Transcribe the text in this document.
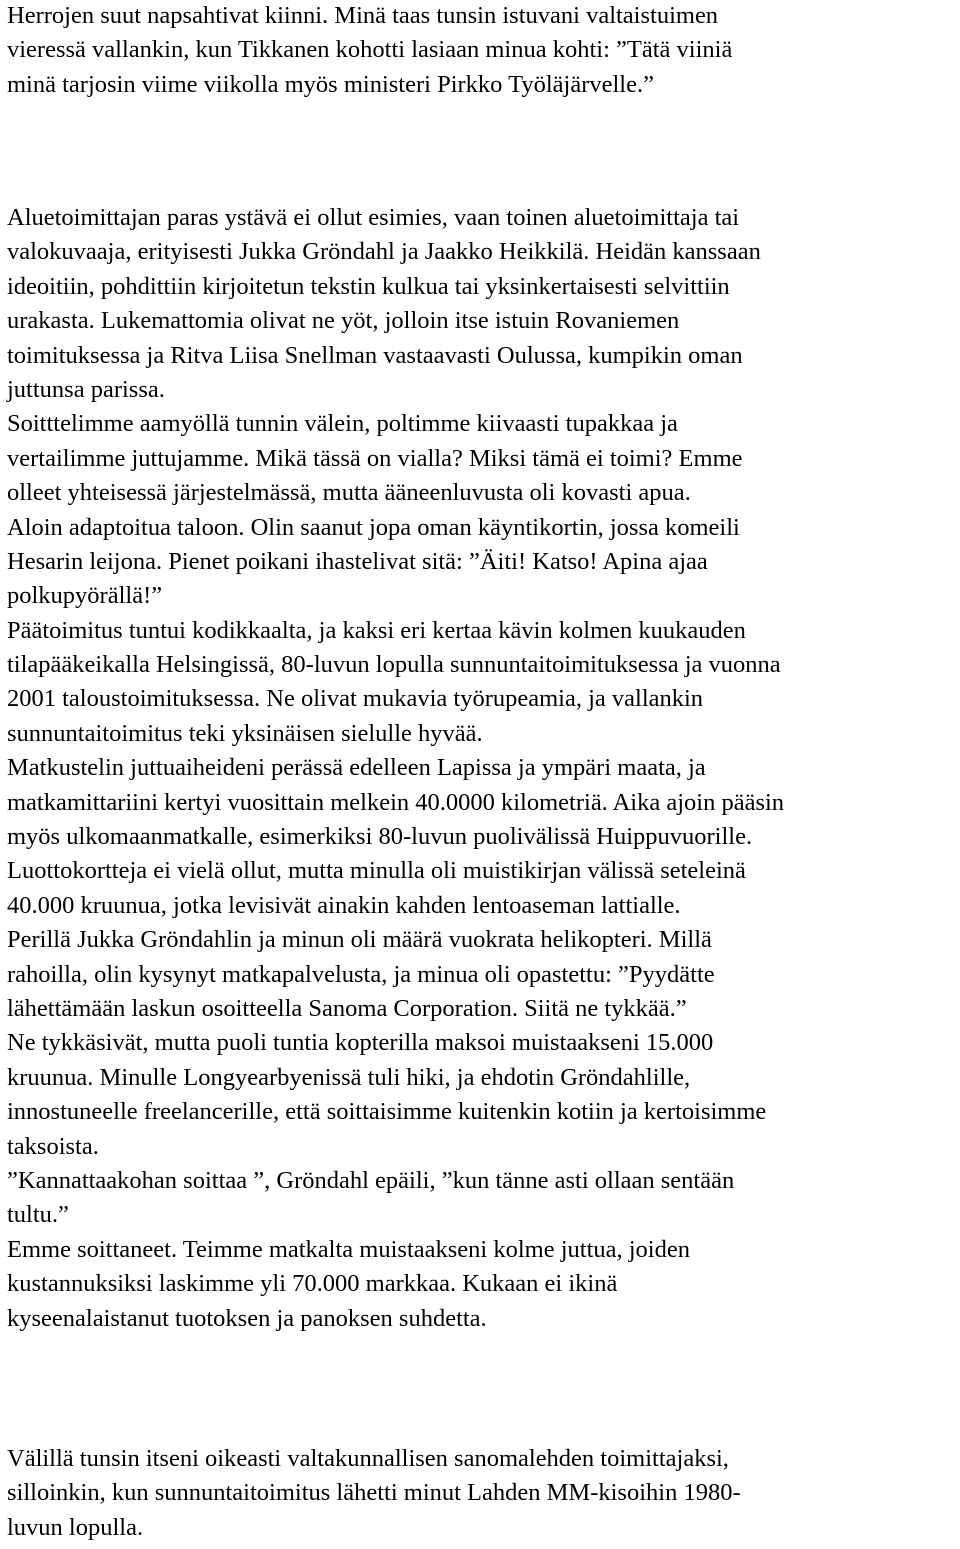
Herrojen suut napsahtivat kiinni. Minä taas tunsin istuvani valtaistuimen
vieressä vallankin, kun Tikkanen kohotti lasiaan minua kohti: ”Tätä viiniä
minä tarjosin viime viikolla myös ministeri Pirkko Työläjärvelle.”
Aluetoimittajan paras ystävä ei ollut esimies, vaan toinen aluetoimittaja tai
valokuvaaja, erityisesti Jukka Gröndahl ja Jaakko Heikkilä. Heidän kanssaan
ideoitiin, pohdittiin kirjoitetun tekstin kulkua tai yksinkertaisesti selvittiin
urakasta. Lukemattomia olivat ne yöt, jolloin itse istuin Rovaniemen
toimituksessa ja Ritva Liisa Snellman vastaavasti Oulussa, kumpikin oman
juttunsa parissa.
Soitttelimme aamyöllä tunnin välein, poltimme kiivaasti tupakkaa ja
vertailimme juttujamme. Mikä tässä on vialla? Miksi tämä ei toimi? Emme
olleet yhteisessä järjestelmässä, mutta ääneenluvusta oli kovasti apua.
Aloin adaptoitua taloon. Olin saanut jopa oman käyntikortin, jossa komeili
Hesarin leijona. Pienet poikani ihastelivat sitä: ”Äiti! Katso! Apina ajaa
polkupyörällä!”
Päätoimitus tuntui kodikkaalta, ja kaksi eri kertaa kävin kolmen kuukauden
tilapääkeikalla Helsingissä, 80-luvun lopulla sunnuntaitoimituksessa ja vuonna
2001 taloustoimituksessa. Ne olivat mukavia työrupeamia, ja vallankin
sunnuntaitoimitus teki yksinäisen sielulle hyvää.
Matkustelin juttuaiheideni perässä edelleen Lapissa ja ympäri maata, ja
matkamittariini kertyi vuosittain melkein 40.0000 kilometriä. Aika ajoin pääsin
myös ulkomaanmatkalle, esimerkiksi 80-luvun puolivälissä Huippuvuorille.
Luottokortteja ei vielä ollut, mutta minulla oli muistikirjan välissä seteleinä
40.000 kruunua, jotka levisivät ainakin kahden lentoaseman lattialle.
Perillä Jukka Gröndahlin ja minun oli määrä vuokrata helikopteri. Millä
rahoilla, olin kysynyt matkapalvelusta, ja minua oli opastettu: ”Pyydätte
lähettämään laskun osoitteella Sanoma Corporation. Siitä ne tykkää.”
Ne tykkäsivät, mutta puoli tuntia kopterilla maksoi muistaakseni 15.000
kruunua. Minulle Longyearbyenissä tuli hiki, ja ehdotin Gröndahlille,
innostuneelle freelancerille, että soittaisimme kuitenkin kotiin ja kertoisimme
taksoista.
”Kannattaakohan soittaa ”, Gröndahl epäili, ”kun tänne asti ollaan sentään
tultu.”
Emme soittaneet. Teimme matkalta muistaakseni kolme juttua, joiden
kustannuksiksi laskimme yli 70.000 markkaa. Kukaan ei ikinä
kyseenalaistanut tuotoksen ja panoksen suhdetta.
Välillä tunsin itseni oikeasti valtakunnallisen sanomalehden toimittajaksi,
silloinkin, kun sunnuntaitoimitus lähetti minut Lahden MM-kisoihin 1980-
luvun lopulla.
